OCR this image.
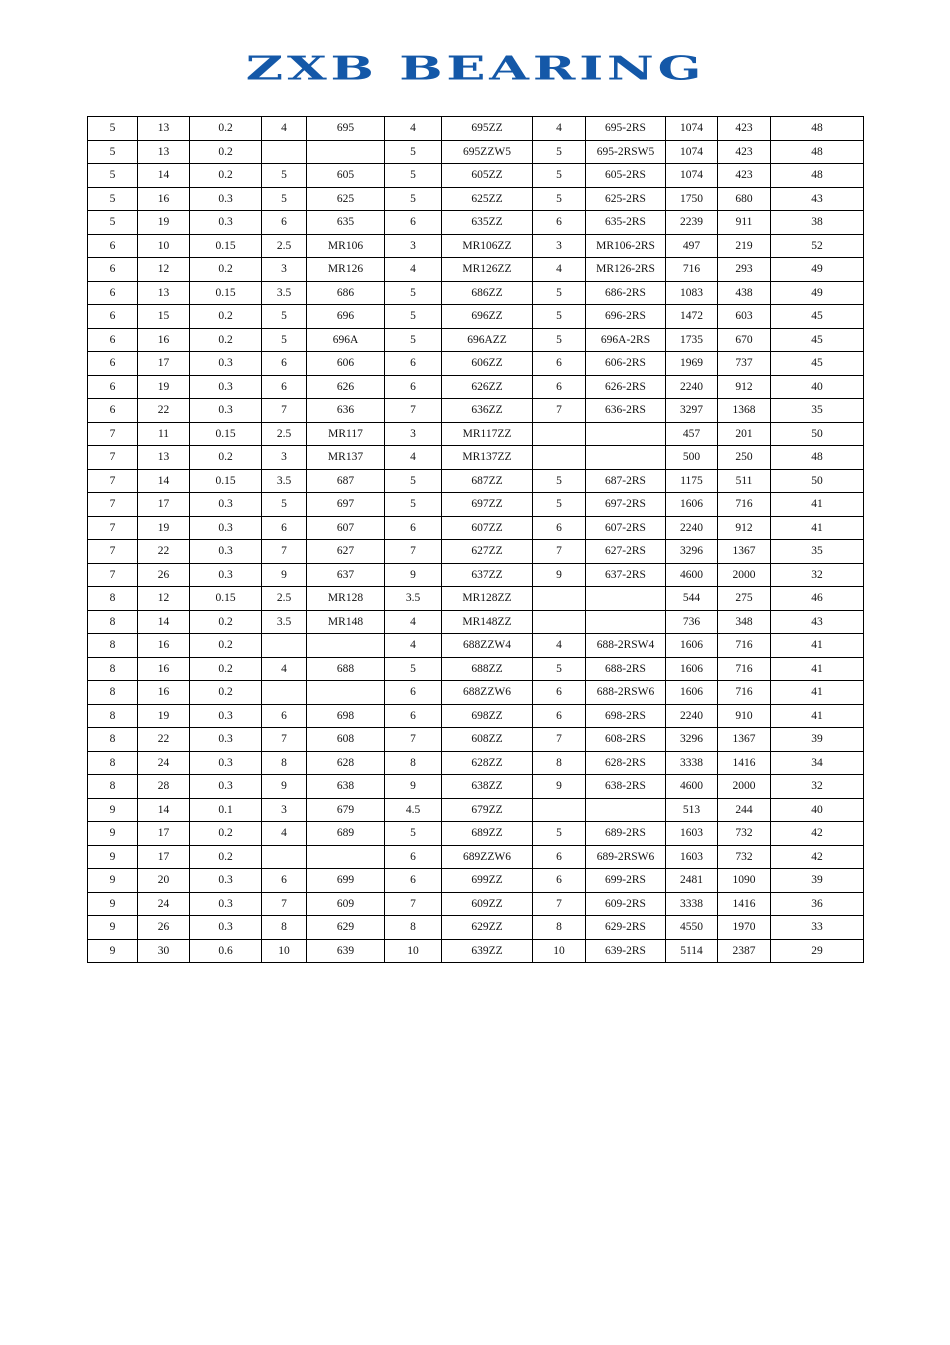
ZXB BEARING
5	13	0.2	4	695	4	695ZZ	4	695-2RS	1074	423	48
5	13	0.2			5	695ZZW5	5	695-2RSW5	1074	423	48
5	14	0.2	5	605	5	605ZZ	5	605-2RS	1074	423	48
5	16	0.3	5	625	5	625ZZ	5	625-2RS	1750	680	43
5	19	0.3	6	635	6	635ZZ	6	635-2RS	2239	911	38
6	10	0.15	2.5	MR106	3	MR106ZZ	3	MR106-2RS	497	219	52
6	12	0.2	3	MR126	4	MR126ZZ	4	MR126-2RS	716	293	49
6	13	0.15	3.5	686	5	686ZZ	5	686-2RS	1083	438	49
6	15	0.2	5	696	5	696ZZ	5	696-2RS	1472	603	45
6	16	0.2	5	696A	5	696AZZ	5	696A-2RS	1735	670	45
6	17	0.3	6	606	6	606ZZ	6	606-2RS	1969	737	45
6	19	0.3	6	626	6	626ZZ	6	626-2RS	2240	912	40
6	22	0.3	7	636	7	636ZZ	7	636-2RS	3297	1368	35
7	11	0.15	2.5	MR117	3	MR117ZZ			457	201	50
7	13	0.2	3	MR137	4	MR137ZZ			500	250	48
7	14	0.15	3.5	687	5	687ZZ	5	687-2RS	1175	511	50
7	17	0.3	5	697	5	697ZZ	5	697-2RS	1606	716	41
7	19	0.3	6	607	6	607ZZ	6	607-2RS	2240	912	41
7	22	0.3	7	627	7	627ZZ	7	627-2RS	3296	1367	35
7	26	0.3	9	637	9	637ZZ	9	637-2RS	4600	2000	32
8	12	0.15	2.5	MR128	3.5	MR128ZZ			544	275	46
8	14	0.2	3.5	MR148	4	MR148ZZ			736	348	43
8	16	0.2			4	688ZZW4	4	688-2RSW4	1606	716	41
8	16	0.2	4	688	5	688ZZ	5	688-2RS	1606	716	41
8	16	0.2			6	688ZZW6	6	688-2RSW6	1606	716	41
8	19	0.3	6	698	6	698ZZ	6	698-2RS	2240	910	41
8	22	0.3	7	608	7	608ZZ	7	608-2RS	3296	1367	39
8	24	0.3	8	628	8	628ZZ	8	628-2RS	3338	1416	34
8	28	0.3	9	638	9	638ZZ	9	638-2RS	4600	2000	32
9	14	0.1	3	679	4.5	679ZZ			513	244	40
9	17	0.2	4	689	5	689ZZ	5	689-2RS	1603	732	42
9	17	0.2			6	689ZZW6	6	689-2RSW6	1603	732	42
9	20	0.3	6	699	6	699ZZ	6	699-2RS	2481	1090	39
9	24	0.3	7	609	7	609ZZ	7	609-2RS	3338	1416	36
9	26	0.3	8	629	8	629ZZ	8	629-2RS	4550	1970	33
9	30	0.6	10	639	10	639ZZ	10	639-2RS	5114	2387	29
